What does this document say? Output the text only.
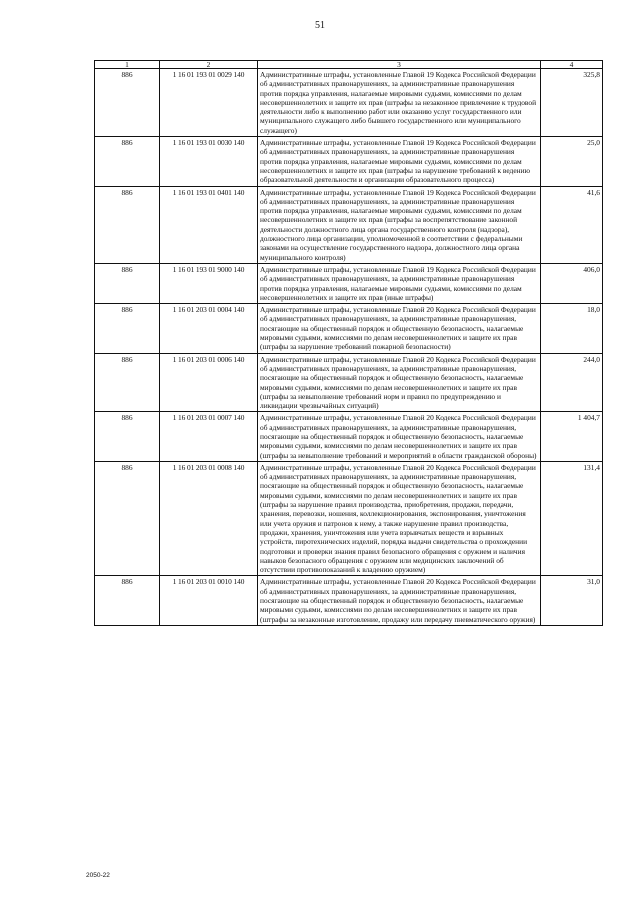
51
1	2	3	4
886	1 16 01 193 01 0029 140	Административные штрафы, установленные Главой 19 Кодекса Российской Федерации об административных правонарушениях, за административные правонарушения против порядка управления, налагаемые мировыми судьями, комиссиями по делам несовершеннолетних и защите их прав (штрафы за незаконное привлечение к трудовой деятельности либо к выполнению работ или оказанию услуг государственного или муниципального служащего либо бывшего государственного или муниципального служащего)	325,8
886	1 16 01 193 01 0030 140	Административные штрафы, установленные Главой 19 Кодекса Российской Федерации об административных правонарушениях, за административные правонарушения против порядка управления, налагаемые мировыми судьями, комиссиями по делам несовершеннолетних и защите их прав (штрафы за нарушение требований к ведению образовательной деятельности и организации образовательного процесса)	25,0
886	1 16 01 193 01 0401 140	Административные штрафы, установленные Главой 19 Кодекса Российской Федерации об административных правонарушениях, за административные правонарушения против порядка управления, налагаемые мировыми судьями, комиссиями по делам несовершеннолетних и защите их прав (штрафы за воспрепятствование законной деятельности должностного лица органа государственного контроля (надзора), должностного лица организации, уполномоченной в соответствии с федеральными законами на осуществление государственного надзора, должностного лица органа муниципального контроля)	41,6
886	1 16 01 193 01 9000 140	Административные штрафы, установленные Главой 19 Кодекса Российской Федерации об административных правонарушениях, за административные правонарушения против порядка управления, налагаемые мировыми судьями, комиссиями по делам несовершеннолетних и защите их прав (иные штрафы)	406,0
886	1 16 01 203 01 0004 140	Административные штрафы, установленные Главой 20 Кодекса Российской Федерации об административных правонарушениях, за административные правонарушения, посягающие на общественный порядок и общественную безопасность, налагаемые мировыми судьями, комиссиями по делам несовершеннолетних и защите их прав (штрафы за нарушение требований пожарной безопасности)	18,0
886	1 16 01 203 01 0006 140	Административные штрафы, установленные Главой 20 Кодекса Российской Федерации об административных правонарушениях, за административные правонарушения, посягающие на общественный порядок и общественную безопасность, налагаемые мировыми судьями, комиссиями по делам несовершеннолетних и защите их прав (штрафы за невыполнение требований норм и правил по предупреждению и ликвидации чрезвычайных ситуаций)	244,0
886	1 16 01 203 01 0007 140	Административные штрафы, установленные Главой 20 Кодекса Российской Федерации об административных правонарушениях, за административные правонарушения, посягающие на общественный порядок и общественную безопасность, налагаемые мировыми судьями, комиссиями по делам несовершеннолетних и защите их прав (штрафы за невыполнение требований и мероприятий в области гражданской обороны)	1 404,7
886	1 16 01 203 01 0008 140	Административные штрафы, установленные Главой 20 Кодекса Российской Федерации об административных правонарушениях, за административные правонарушения, посягающие на общественный порядок и общественную безопасность, налагаемые мировыми судьями, комиссиями по делам несовершеннолетних и защите их прав (штрафы за нарушение правил производства, приобретения, продажи, передачи, хранения, перевозки, ношения, коллекционирования, экспонирования, уничтожения или учета оружия и патронов к нему, а также нарушение правил производства, продажи, хранения, уничтожения или учета взрывчатых веществ и взрывных устройств, пиротехнических изделий, порядка выдачи свидетельства о прохождении подготовки и проверки знания правил безопасного обращения с оружием и наличия навыков безопасного обращения с оружием или медицинских заключений об отсутствии противопоказаний к владению оружием)	131,4
886	1 16 01 203 01 0010 140	Административные штрафы, установленные Главой 20 Кодекса Российской Федерации об административных правонарушениях, за административные правонарушения, посягающие на общественный порядок и общественную безопасность, налагаемые мировыми судьями, комиссиями по делам несовершеннолетних и защите их прав (штрафы за незаконные изготовление, продажу или передачу пневматического оружия)	31,0
2050-22
